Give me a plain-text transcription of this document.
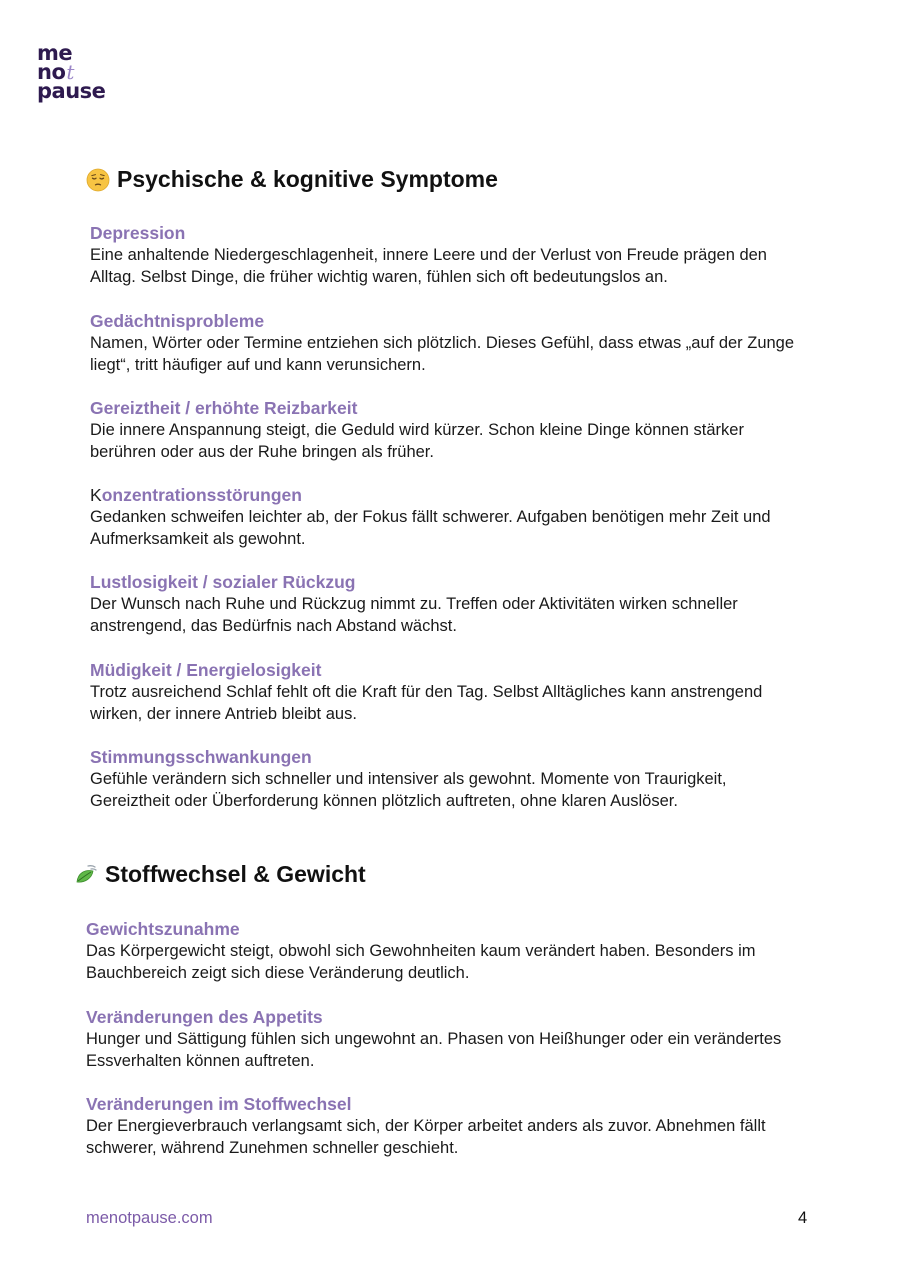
me
not
pause
Psychische & kognitive Symptome
Depression
Eine anhaltende Niedergeschlagenheit, innere Leere und der Verlust von Freude prägen den Alltag. Selbst Dinge, die früher wichtig waren, fühlen sich oft bedeutungslos an.
Gedächtnisprobleme
Namen, Wörter oder Termine entziehen sich plötzlich. Dieses Gefühl, dass etwas „auf der Zunge liegt“, tritt häufiger auf und kann verunsichern.
Gereiztheit / erhöhte Reizbarkeit
Die innere Anspannung steigt, die Geduld wird kürzer. Schon kleine Dinge können stärker berühren oder aus der Ruhe bringen als früher.
Konzentrationsstörungen
Gedanken schweifen leichter ab, der Fokus fällt schwerer. Aufgaben benötigen mehr Zeit und Aufmerksamkeit als gewohnt.
Lustlosigkeit / sozialer Rückzug
Der Wunsch nach Ruhe und Rückzug nimmt zu. Treffen oder Aktivitäten wirken schneller anstrengend, das Bedürfnis nach Abstand wächst.
Müdigkeit / Energielosigkeit
Trotz ausreichend Schlaf fehlt oft die Kraft für den Tag. Selbst Alltägliches kann anstrengend wirken, der innere Antrieb bleibt aus.
Stimmungsschwankungen
Gefühle verändern sich schneller und intensiver als gewohnt. Momente von Traurigkeit, Gereiztheit oder Überforderung können plötzlich auftreten, ohne klaren Auslöser.
Stoffwechsel & Gewicht
Gewichtszunahme
Das Körpergewicht steigt, obwohl sich Gewohnheiten kaum verändert haben. Besonders im Bauchbereich zeigt sich diese Veränderung deutlich.
Veränderungen des Appetits
Hunger und Sättigung fühlen sich ungewohnt an. Phasen von Heißhunger oder ein verändertes Essverhalten können auftreten.
Veränderungen im Stoffwechsel
Der Energieverbrauch verlangsamt sich, der Körper arbeitet anders als zuvor. Abnehmen fällt schwerer, während Zunehmen schneller geschieht.
menotpause.com	4
